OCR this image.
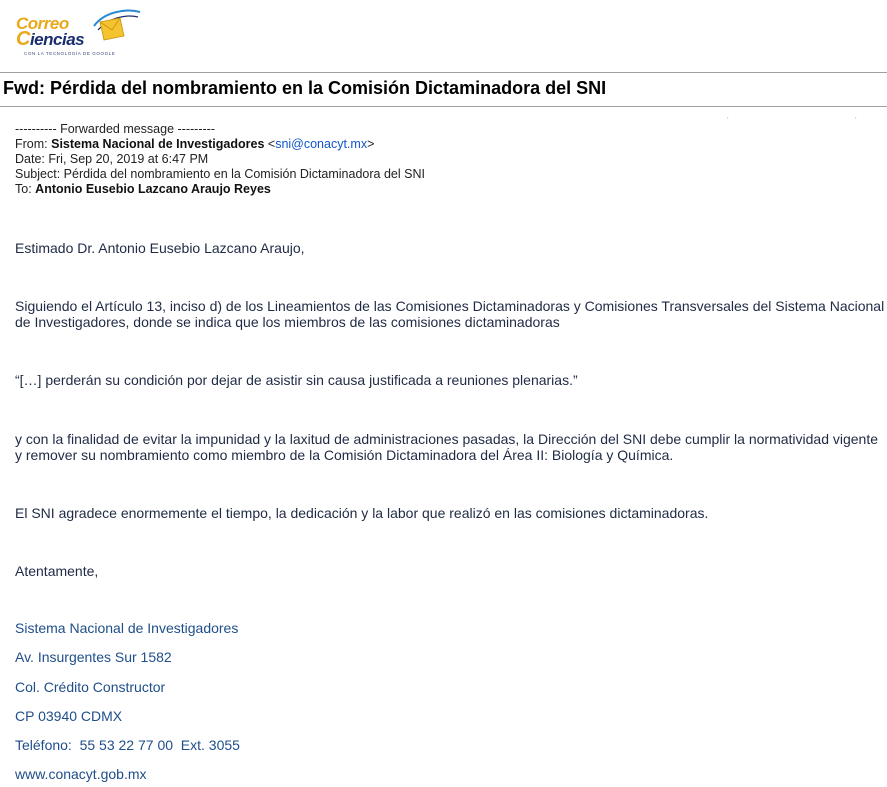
Correo
Ciencias
CON LA TECNOLOGÍA DE GOOGLE
Fwd: Pérdida del nombramiento en la Comisión Dictaminadora del SNI
•	•
---------- Forwarded message ---------
From: Sistema Nacional de Investigadores <sni@conacyt.mx>
Date: Fri, Sep 20, 2019 at 6:47 PM
Subject: Pérdida del nombramiento en la Comisión Dictaminadora del SNI
To: Antonio Eusebio Lazcano Araujo Reyes
Estimado Dr. Antonio Eusebio Lazcano Araujo,
Siguiendo el Artículo 13, inciso d) de los Lineamientos de las Comisiones Dictaminadoras y Comisiones Transversales del Sistema Nacional de Investigadores, donde se indica que los miembros de las comisiones dictaminadoras
“[…] perderán su condición por dejar de asistir sin causa justificada a reuniones plenarias.”
y con la finalidad de evitar la impunidad y la laxitud de administraciones pasadas, la Dirección del SNI debe cumplir la normatividad vigente y remover su nombramiento como miembro de la Comisión Dictaminadora del Área II: Biología y Química.
El SNI agradece enormemente el tiempo, la dedicación y la labor que realizó en las comisiones dictaminadoras.
Atentamente,
Sistema Nacional de Investigadores
Av. Insurgentes Sur 1582
Col. Crédito Constructor
CP 03940 CDMX
Teléfono:  55 53 22 77 00  Ext. 3055
www.conacyt.gob.mx
